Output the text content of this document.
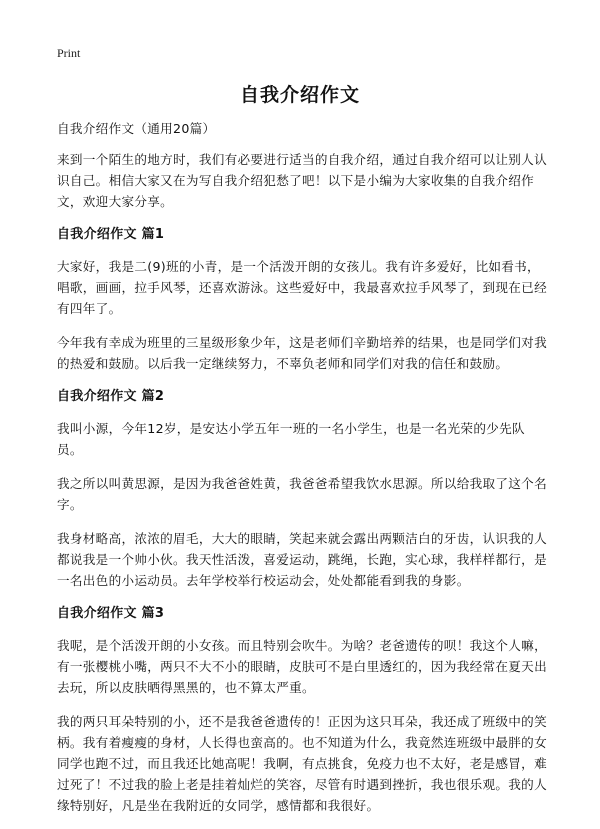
Print
自我介绍作文

自我介绍作文（通用20篇）

来到一个陌生的地方时，我们有必要进行适当的自我介绍，通过自我介绍可以让别人认识自己。相信大家又在为写自我介绍犯愁了吧！以下是小编为大家收集的自我介绍作文，欢迎大家分享。

自我介绍作文 篇1

大家好，我是二(9)班的小青，是一个活泼开朗的女孩儿。我有许多爱好，比如看书，唱歌，画画，拉手风琴，还喜欢游泳。这些爱好中，我最喜欢拉手风琴了，到现在已经有四年了。

今年我有幸成为班里的三星级形象少年，这是老师们辛勤培养的结果，也是同学们对我的热爱和鼓励。以后我一定继续努力，不辜负老师和同学们对我的信任和鼓励。

自我介绍作文 篇2

我叫小源，今年12岁，是安达小学五年一班的一名小学生，也是一名光荣的少先队员。

我之所以叫黄思源，是因为我爸爸姓黄，我爸爸希望我饮水思源。所以给我取了这个名字。

我身材略高，浓浓的眉毛，大大的眼睛，笑起来就会露出两颗洁白的牙齿，认识我的人都说我是一个帅小伙。我天性活泼，喜爱运动，跳绳，长跑，实心球，我样样都行，是一名出色的小运动员。去年学校举行校运动会，处处都能看到我的身影。

自我介绍作文 篇3

我呢，是个活泼开朗的小女孩。而且特别会吹牛。为啥？老爸遗传的呗！我这个人嘛，有一张樱桃小嘴，两只不大不小的眼睛，皮肤可不是白里透红的，因为我经常在夏天出去玩，所以皮肤晒得黑黑的，也不算太严重。

我的两只耳朵特别的小，还不是我爸爸遗传的！正因为这只耳朵，我还成了班级中的笑柄。我有着瘦瘦的身材，人长得也蛮高的。也不知道为什么，我竟然连班级中最胖的女同学也跑不过，而且我还比她高呢！我啊，有点挑食，免疫力也不太好，老是感冒，难过死了！不过我的脸上老是挂着灿烂的笑容，尽管有时遇到挫折，我也很乐观。我的人缘特别好，凡是坐在我附近的女同学，感情都和我很好。
